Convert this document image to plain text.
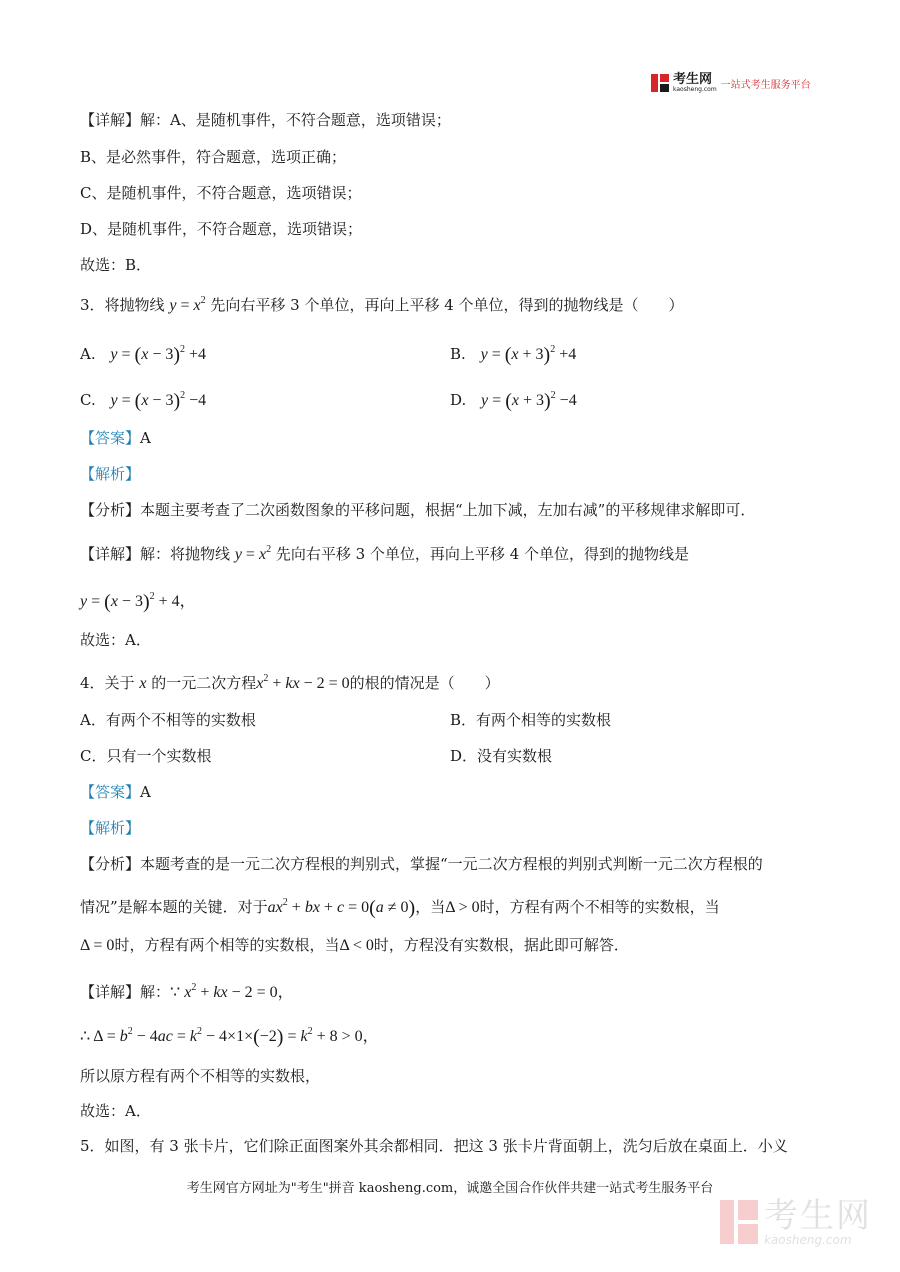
考生网
kaosheng.com 一站式考生服务平台
【详解】解：A、是随机事件，不符合题意，选项错误；
B、是必然事件，符合题意，选项正确；
C、是随机事件，不符合题意，选项错误；
D、是随机事件，不符合题意，选项错误；
故选：B．
3．将抛物线 $y = x^2$ 先向右平移 3 个单位，再向上平移 4 个单位，得到的抛物线是（　　）
A. $y = (x - 3)^2 +4$	B. $y = (x + 3)^2 +4$
C. $y = (x - 3)^2 -4$	D. $y = (x + 3)^2 -4$
【答案】A
【解析】
【分析】本题主要考查了二次函数图象的平移问题，根据“上加下减，左加右减”的平移规律求解即可．
【详解】解：将抛物线 $y = x^2$ 先向右平移 3 个单位，再向上平移 4 个单位，得到的抛物线是
$y = (x - 3)^2 + 4$，
故选：A．
4．关于 x 的一元二次方程$x^2$ + kx − 2 = 0的根的情况是（　　）
A．有两个不相等的实数根	B．有两个相等的实数根
C．只有一个实数根	D．没有实数根
【答案】A
【解析】
【分析】本题考查的是一元二次方程根的判别式，掌握“一元二次方程根的判别式判断一元二次方程根的
情况”是解本题的关键．对于$ax^2$ + bx + c = 0(a ≠ 0)，当Δ > 0时，方程有两个不相等的实数根，当
Δ = 0时，方程有两个相等的实数根，当Δ < 0时，方程没有实数根，据此即可解答．
【详解】解：∵ $x^2$ + kx − 2 = 0，
∴ $\Delta = b^2 - 4ac = k^2 - 4\times 1\times(-2) = k^2 + 8 > 0$，
所以原方程有两个不相等的实数根，
故选：A．
5．如图，有 3 张卡片，它们除正面图案外其余都相同．把这 3 张卡片背面朝上，洗匀后放在桌面上．小义
考生网官方网址为"考生"拼音 kaosheng.com，诚邀全国合作伙伴共建一站式考生服务平台
考生网
kaosheng.com
